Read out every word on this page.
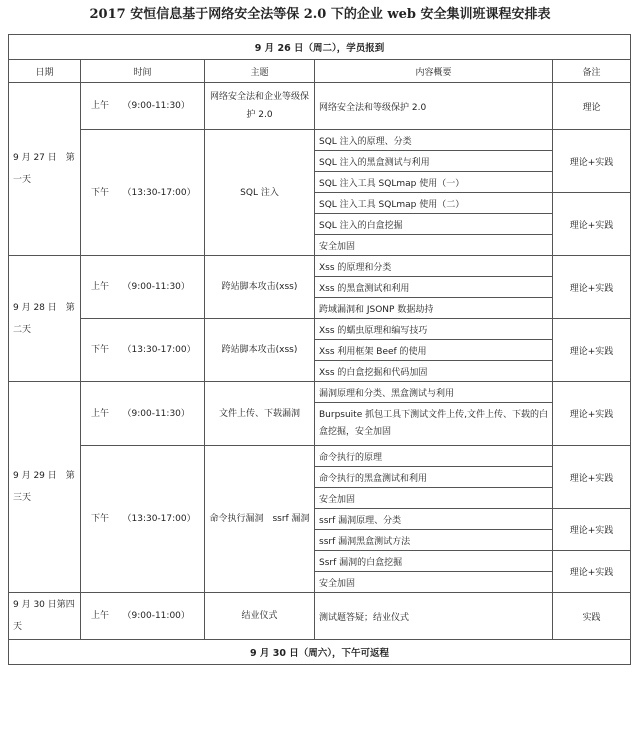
2017 安恒信息基于网络安全法等保 2.0 下的企业 web 安全集训班课程安排表
9 月 26 日（周二），学员报到				
日期	时间	主题	内容概要	备注
9 月 27 日　第一天	上午　　（9:00-11:30）	网络安全法和企业等级保护 2.0	网络安全法和等级保护 2.0	理论
	下午　　（13:30-17:00）	SQL 注入	SQL 注入的原理、分类	理论+实践
			SQL 注入的黑盒测试与利用	
			SQL 注入工具 SQLmap 使用（一）	
			SQL 注入工具 SQLmap 使用（二）	理论+实践
			SQL 注入的白盒挖掘	
			安全加固	
9 月 28 日　第二天	上午　　（9:00-11:30）	跨站脚本攻击(xss)	Xss 的原理和分类	理论+实践
			Xss 的黑盒测试和利用	
			跨域漏洞和 JSONP 数据劫持	
	下午　　（13:30-17:00）	跨站脚本攻击(xss)	Xss 的蠕虫原理和编写技巧	理论+实践
			Xss 利用框架 Beef 的使用	
			Xss 的白盒挖掘和代码加固	
9 月 29 日　第三天	上午　　（9:00-11:30）	文件上传、下载漏洞	漏洞原理和分类、黑盒测试与利用	理论+实践
			Burpsuite 抓包工具下测试文件上传,文件上传、下载的白盒挖掘，安全加固	
	下午　　（13:30-17:00）	命令执行漏洞　ssrf 漏洞	命令执行的原理	理论+实践
			命令执行的黑盒测试和利用	
			安全加固	
			ssrf 漏洞原理、分类	理论+实践
			ssrf 漏洞黑盒测试方法	
			Ssrf 漏洞的白盒挖掘	理论+实践
			安全加固	
9 月 30 日第四天	上午　　（9:00-11:00）	结业仪式	测试题答疑；结业仪式	实践
9 月 30 日（周六），下午可返程				
